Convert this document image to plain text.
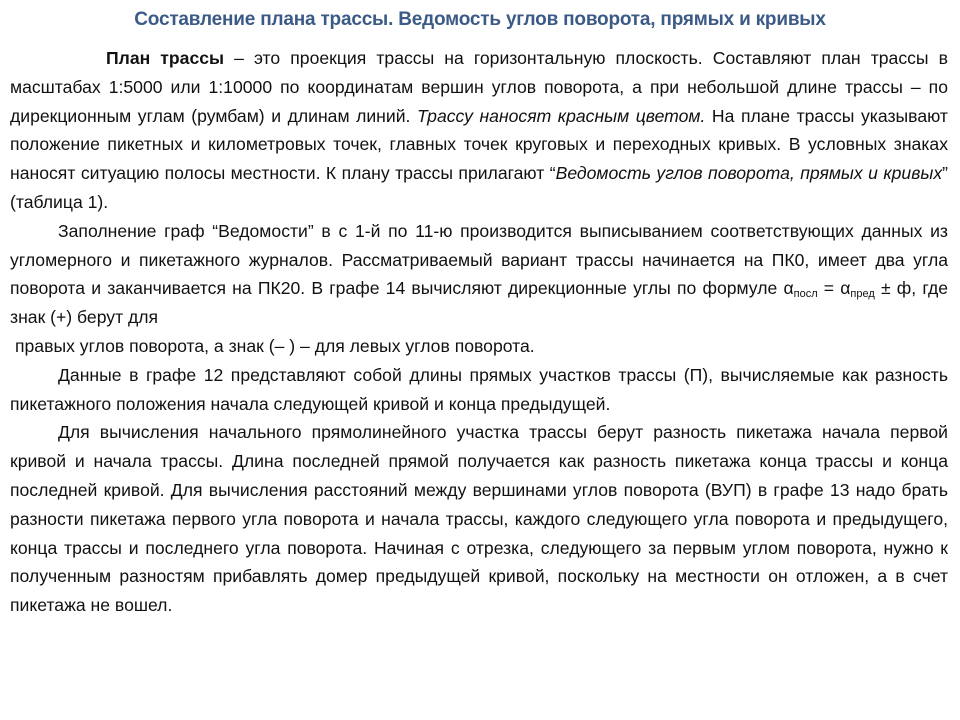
Составление плана трассы. Ведомость углов поворота, прямых и кривых

План трассы – это проекция трассы на горизонтальную плоскость. Составляют план трассы в масштабах 1:5000 или 1:10000 по координатам вершин углов поворота, а при небольшой длине трассы – по дирекционным углам (румбам) и длинам линий. Трассу наносят красным цветом. На плане трассы указывают положение пикетных и километровых точек, главных точек круговых и переходных кривых. В условных знаках наносят ситуацию полосы местности. К плану трассы прилагают “Ведомость углов поворота, прямых и кривых” (таблица 1).

Заполнение граф “Ведомости” в с 1-й по 11-ю производится выписыванием соответствующих данных из угломерного и пикетажного журналов. Рассматриваемый вариант трассы начинается на ПК0, имеет два угла поворота и заканчивается на ПК20. В графе 14 вычисляют дирекционные углы по формуле $\alpha_{посл} = \alpha_{пред} \pm ф$, где знак (+) берут для
правых углов поворота, а знак (– ) – для левых углов поворота.

Данные в графе 12 представляют собой длины прямых участков трассы (П), вычисляемые как разность пикетажного положения начала следующей кривой и конца предыдущей.

Для вычисления начального прямолинейного участка трассы берут разность пикетажа начала первой кривой и начала трассы. Длина последней прямой получается как разность пикетажа конца трассы и конца последней кривой. Для вычисления расстояний между вершинами углов поворота (ВУП) в графе 13 надо брать разности пикетажа первого угла поворота и начала трассы, каждого следующего угла поворота и предыдущего, конца трассы и последнего угла поворота. Начиная с отрезка, следующего за первым углом поворота, нужно к полученным разностям прибавлять домер предыдущей кривой, поскольку на местности он отложен, а в счет пикетажа не вошел.
